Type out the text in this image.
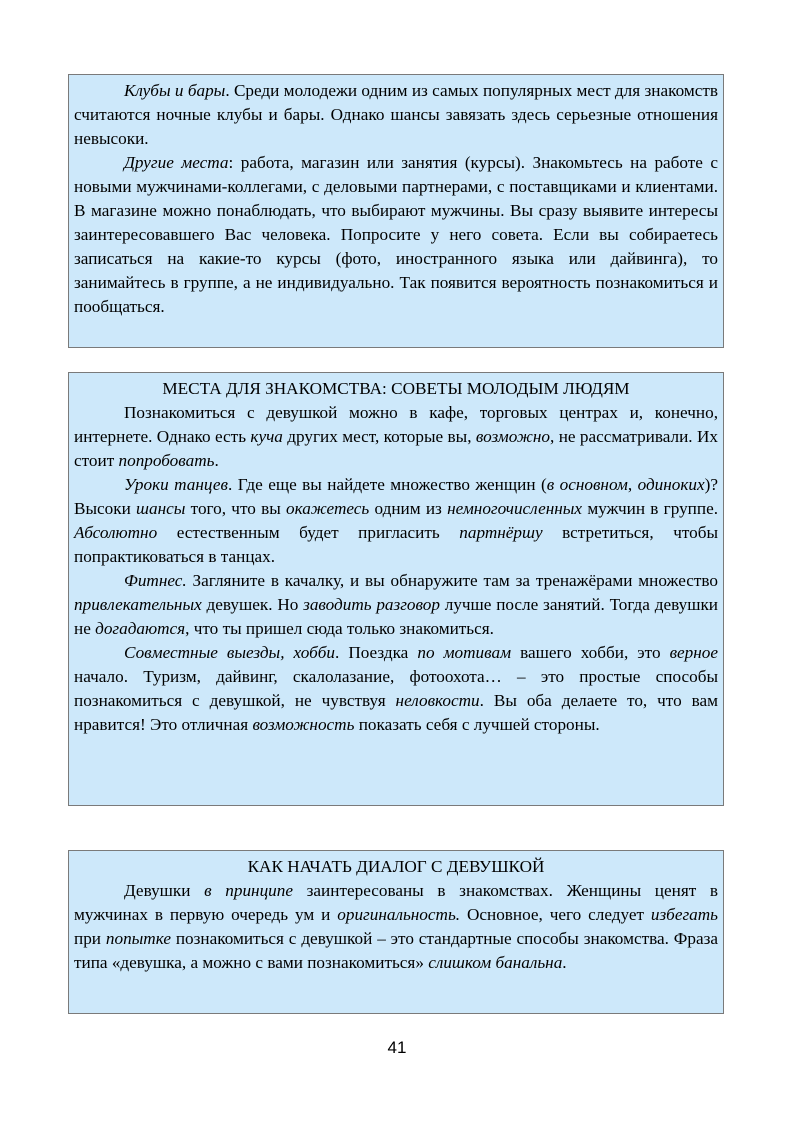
Клубы и бары. Среди молодежи одним из самых популярных мест для знакомств считаются ночные клубы и бары. Однако шансы завязать здесь серьезные отношения невысоки.

Другие места: работа, магазин или занятия (курсы). Знакомьтесь на работе с новыми мужчинами-коллегами, с деловыми партнерами, с поставщиками и клиентами. В магазине можно понаблюдать, что выбирают мужчины. Вы сразу выявите интересы заинтересовавшего Вас человека. Попросите у него совета. Если вы собираетесь записаться на какие-то курсы (фото, иностранного языка или дайвинга), то занимайтесь в группе, а не индивидуально. Так появится вероятность познакомиться и пообщаться.

МЕСТА ДЛЯ ЗНАКОМСТВА: СОВЕТЫ МОЛОДЫМ ЛЮДЯМ

Познакомиться с девушкой можно в кафе, торговых центрах и, конечно, интернете. Однако есть куча других мест, которые вы, возможно, не рассматривали. Их стоит попробовать.

Уроки танцев. Где еще вы найдете множество женщин (в основном, одиноких)? Высоки шансы того, что вы окажетесь одним из немногочисленных мужчин в группе. Абсолютно естественным будет пригласить партнёршу встретиться, чтобы попрактиковаться в танцах.

Фитнес. Загляните в качалку, и вы обнаружите там за тренажёрами множество привлекательных девушек. Но заводить разговор лучше после занятий. Тогда девушки не догадаются, что ты пришел сюда только знакомиться.

Совместные выезды, хобби. Поездка по мотивам вашего хобби, это верное начало. Туризм, дайвинг, скалолазание, фотоохота… – это простые способы познакомиться с девушкой, не чувствуя неловкости. Вы оба делаете то, что вам нравится! Это отличная возможность показать себя с лучшей стороны.

КАК НАЧАТЬ ДИАЛОГ С ДЕВУШКОЙ

Девушки в принципе заинтересованы в знакомствах. Женщины ценят в мужчинах в первую очередь ум и оригинальность. Основное, чего следует избегать при попытке познакомиться с девушкой – это стандартные способы знакомства. Фраза типа «девушка, а можно с вами познакомиться» слишком банальна.

41
